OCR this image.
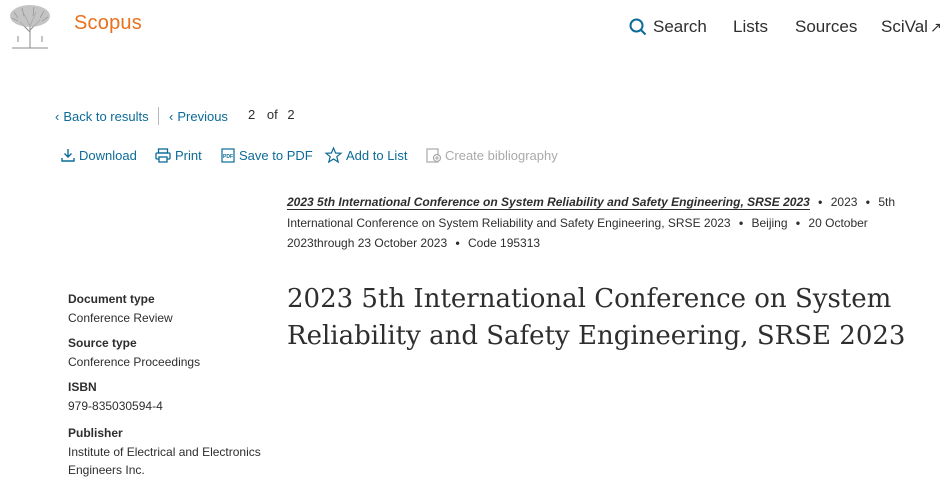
Scopus	Search Lists Sources SciVal ↗
‹ Back to results ‹ Previous 2 of 2
Download	Print	PDF Save to PDF	Add to List	Create bibliography
2023 5th International Conference on System Reliability and Safety Engineering, SRSE 2023 • 2023 • 5th International Conference on System Reliability and Safety Engineering, SRSE 2023 • Beijing • 20 October 2023through 23 October 2023 • Code 195313
2023 5th International Conference on System Reliability and Safety Engineering, SRSE 2023
Document type
Conference Review
Source type
Conference Proceedings
ISBN
979-835030594-4
Publisher
Institute of Electrical and Electronics Engineers Inc.
